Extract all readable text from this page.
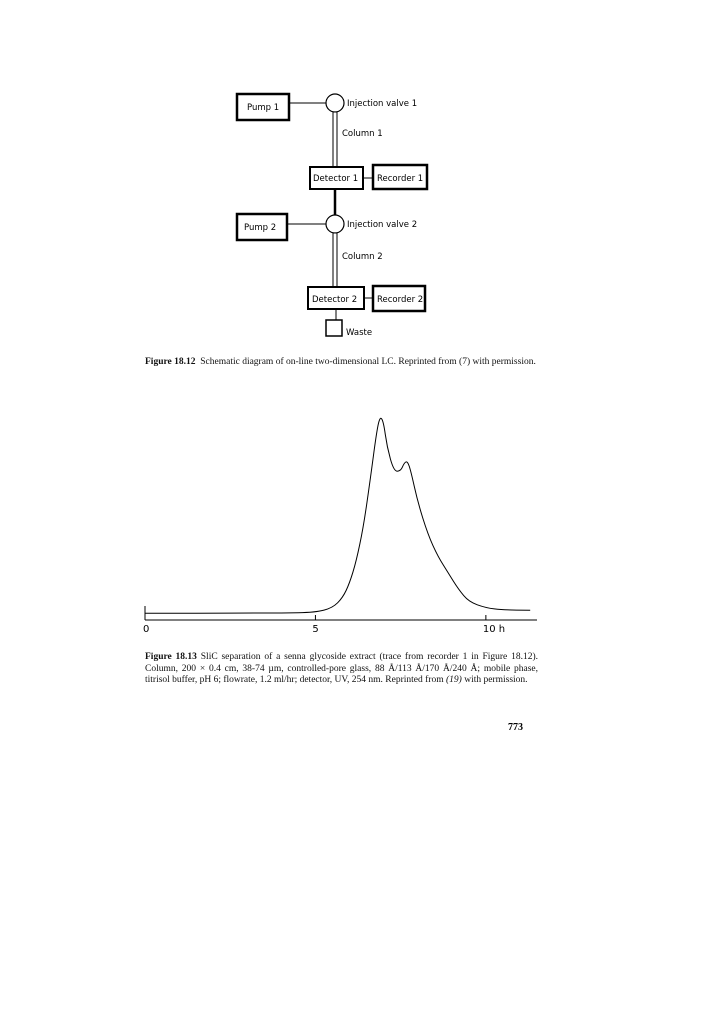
Pump 1	Injection valve 1
Column 1
Detector 1 Recorder 1
Pump 2	Injection valve 2
Column 2
Detector 2 Recorder 2
Waste

Figure 18.12 Schematic diagram of on-line two-dimensional LC. Reprinted from (7) with permission.

0	5	10 h

Figure 18.13 SliC separation of a senna glycoside extract (trace from recorder 1 in Figure 18.12). Column, 200 × 0.4 cm, 38-74 µm, controlled-pore glass, 88 Å/113 Å/170 Å/240 Å; mobile phase, titrisol buffer, pH 6; flowrate, 1.2 ml/hr; detector, UV, 254 nm. Reprinted from (19) with permission.

773
